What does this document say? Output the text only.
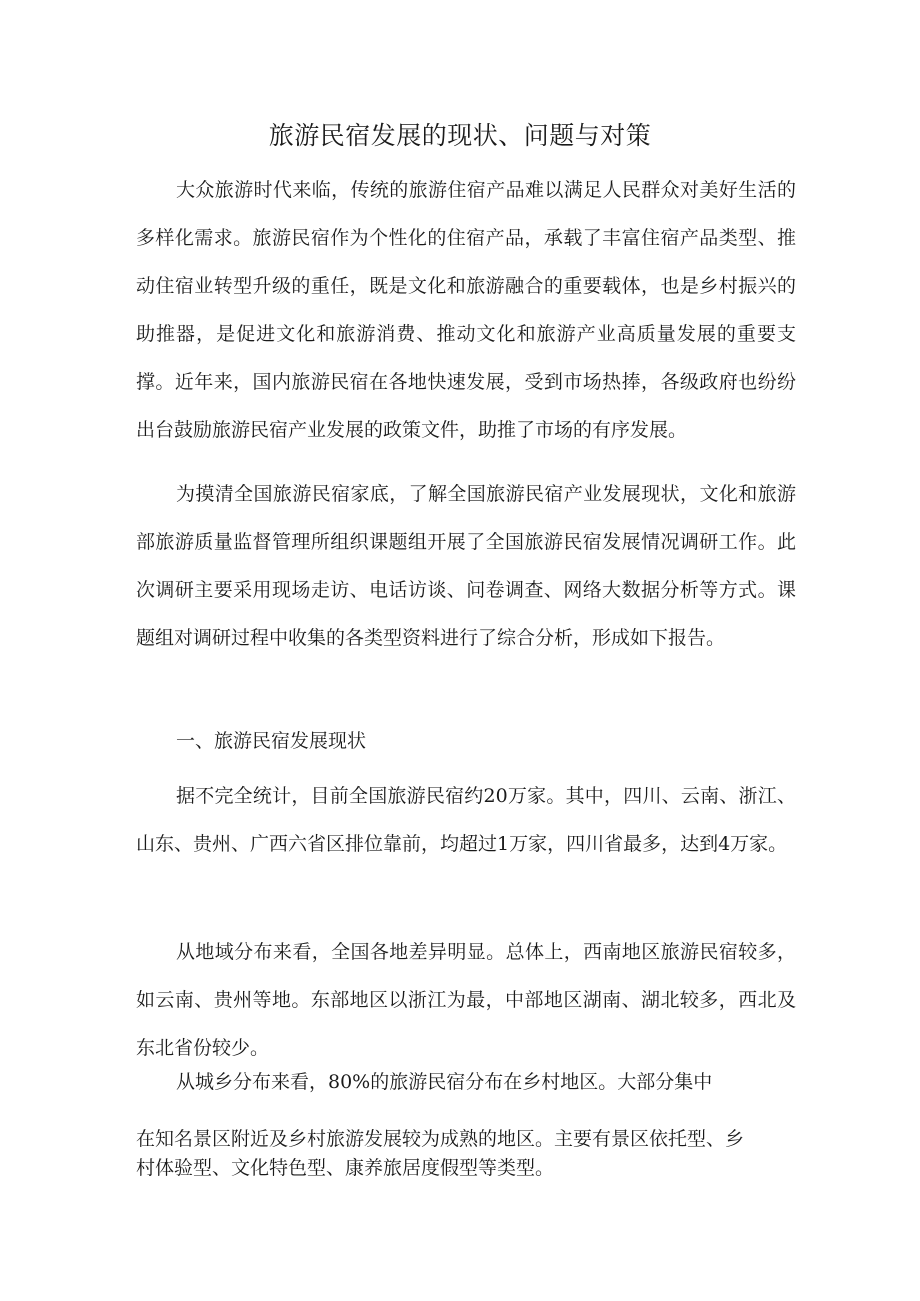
旅游民宿发展的现状、问题与对策

大众旅游时代来临，传统的旅游住宿产品难以满足人民群众对美好生活的多样化需求。旅游民宿作为个性化的住宿产品，承载了丰富住宿产品类型、推动住宿业转型升级的重任，既是文化和旅游融合的重要载体，也是乡村振兴的助推器，是促进文化和旅游消费、推动文化和旅游产业高质量发展的重要支撑。近年来，国内旅游民宿在各地快速发展，受到市场热捧，各级政府也纷纷出台鼓励旅游民宿产业发展的政策文件，助推了市场的有序发展。

为摸清全国旅游民宿家底，了解全国旅游民宿产业发展现状，文化和旅游部旅游质量监督管理所组织课题组开展了全国旅游民宿发展情况调研工作。此次调研主要采用现场走访、电话访谈、问卷调查、网络大数据分析等方式。课题组对调研过程中收集的各类型资料进行了综合分析，形成如下报告。

一、旅游民宿发展现状

据不完全统计，目前全国旅游民宿约20万家。其中，四川、云南、浙江、山东、贵州、广西六省区排位靠前，均超过1万家，四川省最多，达到4万家。

从地域分布来看，全国各地差异明显。总体上，西南地区旅游民宿较多，如云南、贵州等地。东部地区以浙江为最，中部地区湖南、湖北较多，西北及东北省份较少。

从城乡分布来看，80%的旅游民宿分布在乡村地区。大部分集中

在知名景区附近及乡村旅游发展较为成熟的地区。主要有景区依托型、乡

村体验型、文化特色型、康养旅居度假型等类型。
